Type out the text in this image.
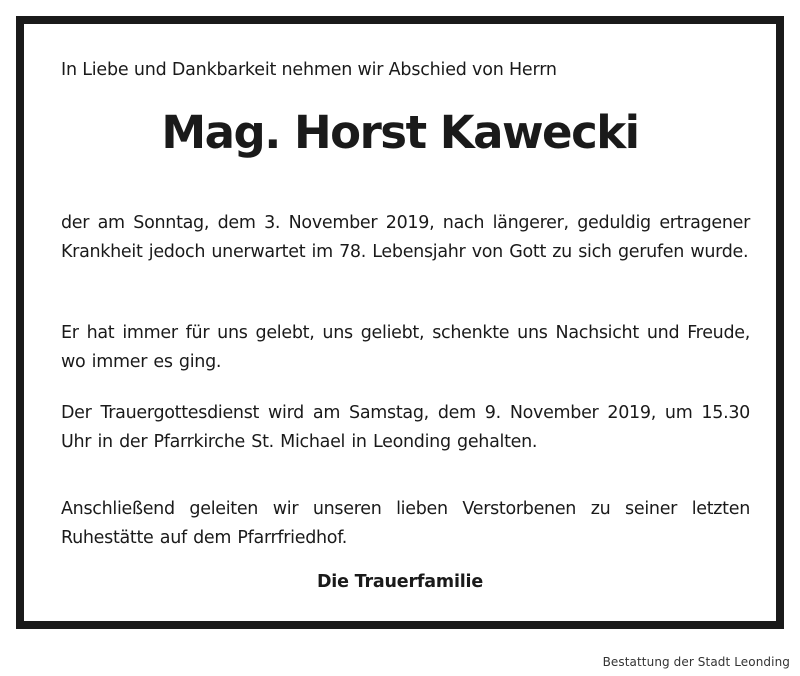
In Liebe und Dankbarkeit nehmen wir Abschied von Herrn

Mag. Horst Kawecki

der am Sonntag, dem 3. November 2019, nach längerer, geduldig ertragener Krankheit jedoch unerwartet im 78. Lebensjahr von Gott zu sich gerufen wurde.

Er hat immer für uns gelebt, uns geliebt, schenkte uns Nachsicht und Freude, wo immer es ging.

Der Trauergottesdienst wird am Samstag, dem 9. November 2019, um 15.30 Uhr in der Pfarrkirche St. Michael in Leonding gehalten.

Anschließend geleiten wir unseren lieben Verstorbenen zu seiner letzten Ruhestätte auf dem Pfarrfriedhof.

Die Trauerfamilie

Bestattung der Stadt Leonding
